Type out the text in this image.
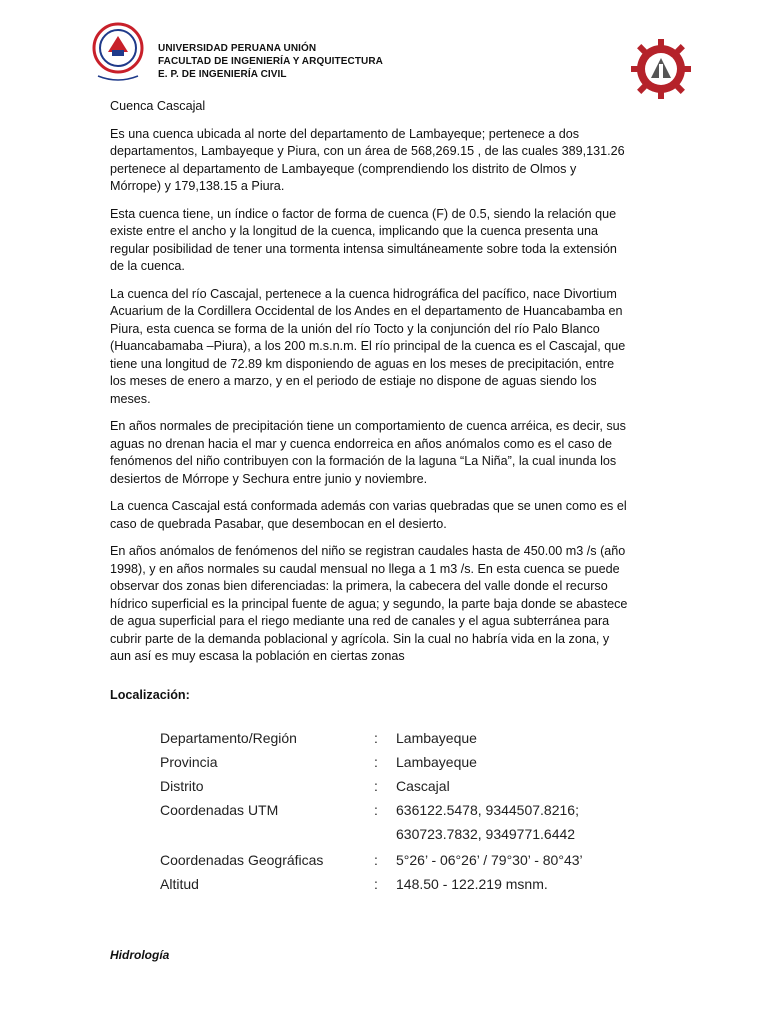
UNIVERSIDAD PERUANA UNIÓN
FACULTAD DE INGENIERÍA Y ARQUITECTURA
E. P. DE INGENIERÍA CIVIL
Cuenca Cascajal

Es una cuenca ubicada al norte del departamento de Lambayeque; pertenece a dos departamentos, Lambayeque y Piura, con un área de 568,269.15 , de las cuales 389,131.26 pertenece al departamento de Lambayeque (comprendiendo los distrito de Olmos y Mórrope) y 179,138.15 a Piura.

Esta cuenca tiene, un índice o factor de forma de cuenca (F) de 0.5, siendo la relación que existe entre el ancho y la longitud de la cuenca, implicando que la cuenca presenta una regular posibilidad de tener una tormenta intensa simultáneamente sobre toda la extensión de la cuenca.

La cuenca del río Cascajal, pertenece a la cuenca hidrográfica del pacífico, nace Divortium Acuarium de la Cordillera Occidental de los Andes en el departamento de Huancabamba en Piura, esta cuenca se forma de la unión del río Tocto y la conjunción del río Palo Blanco (Huancabamaba –Piura), a los 200 m.s.n.m. El río principal de la cuenca es el Cascajal, que tiene una longitud de 72.89 km disponiendo de aguas en los meses de precipitación, entre los meses de enero a marzo, y en el periodo de estiaje no dispone de aguas siendo los meses.

En años normales de precipitación tiene un comportamiento de cuenca arréica, es decir, sus aguas no drenan hacia el mar y cuenca endorreica en años anómalos como es el caso de fenómenos del niño contribuyen con la formación de la laguna “La Niña”, la cual inunda los desiertos de Mórrope y Sechura entre junio y noviembre.

La cuenca Cascajal está conformada además con varias quebradas que se unen como es el caso de quebrada Pasabar, que desembocan en el desierto.

En años anómalos de fenómenos del niño se registran caudales hasta de 450.00 m3 /s (año 1998), y en años normales su caudal mensual no llega a 1 m3 /s. En esta cuenca se puede observar dos zonas bien diferenciadas: la primera, la cabecera del valle donde el recurso hídrico superficial es la principal fuente de agua; y segundo, la parte baja donde se abastece de agua superficial para el riego mediante una red de canales y el agua subterránea para cubrir parte de la demanda poblacional y agrícola. Sin la cual no habría vida en la zona, y aun así es muy escasa la población en ciertas zonas

Localización:
Departamento/Región	:	Lambayeque
Provincia	:	Lambayeque
Distrito	:	Cascajal
Coordenadas UTM	:	636122.5478, 9344507.8216;
630723.7832, 9349771.6442
Coordenadas Geográficas	:	5°26’ - 06°26’ / 79°30’ - 80°43’
Altitud	:	148.50 - 122.219 msnm.
Hidrología
